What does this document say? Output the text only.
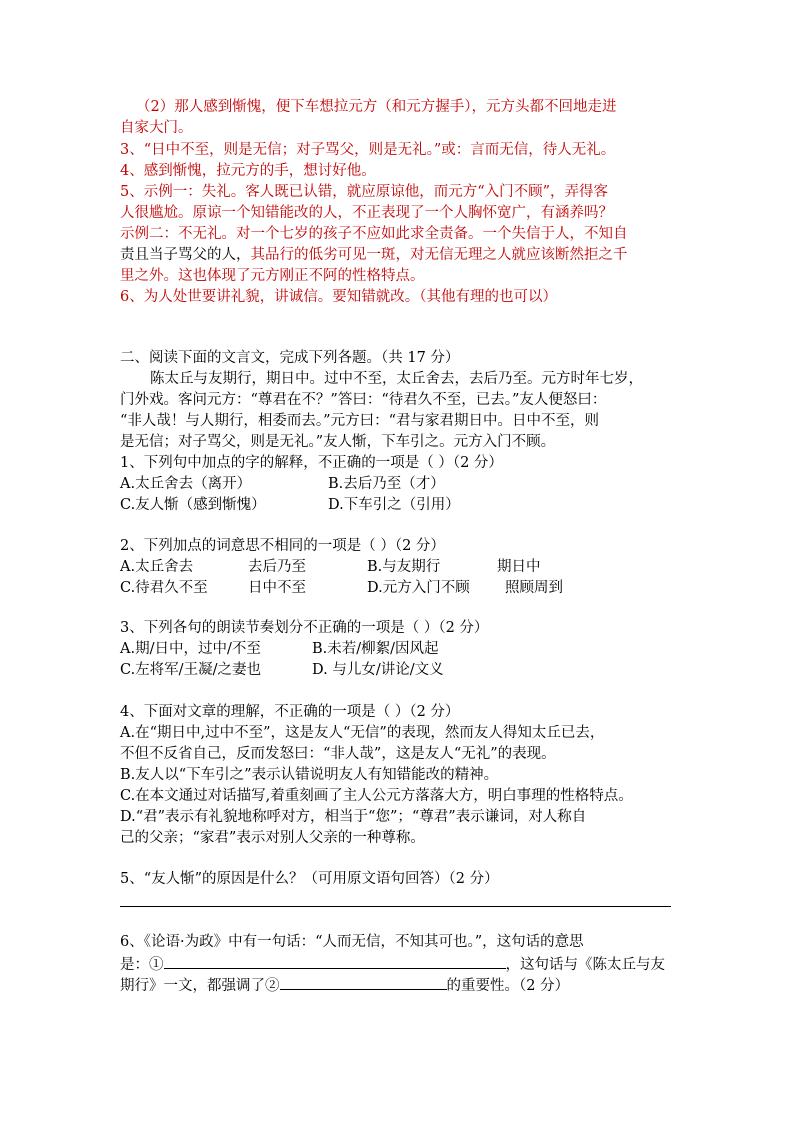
（2）那人感到惭愧，便下车想拉元方（和元方握手），元方头都不回地走进
自家大门。
3、“日中不至，则是无信；对子骂父，则是无礼。”或：言而无信，待人无礼。
4、感到惭愧，拉元方的手，想讨好他。
5、示例一：失礼。客人既已认错，就应原谅他，而元方“入门不顾”，弄得客
人很尴尬。原谅一个知错能改的人，不正表现了一个人胸怀宽广，有涵养吗？
示例二：不无礼。对一个七岁的孩子不应如此求全责备。一个失信于人，不知自
责且当子骂父的人，其品行的低劣可见一斑，对无信无理之人就应该断然拒之千
里之外。这也体现了元方刚正不阿的性格特点。
6、为人处世要讲礼貌，讲诚信。要知错就改。（其他有理的也可以）
二、阅读下面的文言文，完成下列各题。（共 17 分）
陈太丘与友期行，期日中。过中不至，太丘舍去，去后乃至。元方时年七岁，
门外戏。客问元方：“尊君在不？”答曰：“待君久不至，已去。”友人便怒曰：
“非人哉！与人期行，相委而去。”元方曰：“君与家君期日中。日中不至，则
是无信；对子骂父，则是无礼。”友人惭，下车引之。元方入门不顾。
1、下列句中加点的字的解释，不正确的一项是（ ）（2 分）
A.太丘舍去（离开）	B.去后乃至（才）
C.友人惭（感到惭愧）	D.下车引之（引用）
2、下列加点的词意思不相同的一项是（ ）（2 分）
A.太丘舍去	去后乃至	B.与友期行	期日中
C.待君久不至	日中不至	D.元方入门不顾 照顾周到
3、下列各句的朗读节奏划分不正确的一项是（ ）（2 分）
A.期/日中，过中/不至	B.未若/柳絮/因风起
C.左将军/王凝/之妻也	D. 与儿女/讲论/文义
4、下面对文章的理解，不正确的一项是（ ）（2 分）
A.在“期日中,过中不至”，这是友人“无信”的表现，然而友人得知太丘已去，
不但不反省自己，反而发怒曰：“非人哉”，这是友人“无礼”的表现。
B.友人以“下车引之”表示认错说明友人有知错能改的精神。
C.在本文通过对话描写,着重刻画了主人公元方落落大方，明白事理的性格特点。
D.“君”表示有礼貌地称呼对方，相当于“您”；“尊君”表示谦词，对人称自
己的父亲；“家君”表示对别人父亲的一种尊称。
5、“友人惭”的原因是什么？（可用原文语句回答）（2 分）
6、《论语·为政》中有一句话：“人而无信，不知其可也。”，这句话的意思
是：①	，这句话与《陈太丘与友
期行》一文，都强调了②	的重要性。（2 分）
